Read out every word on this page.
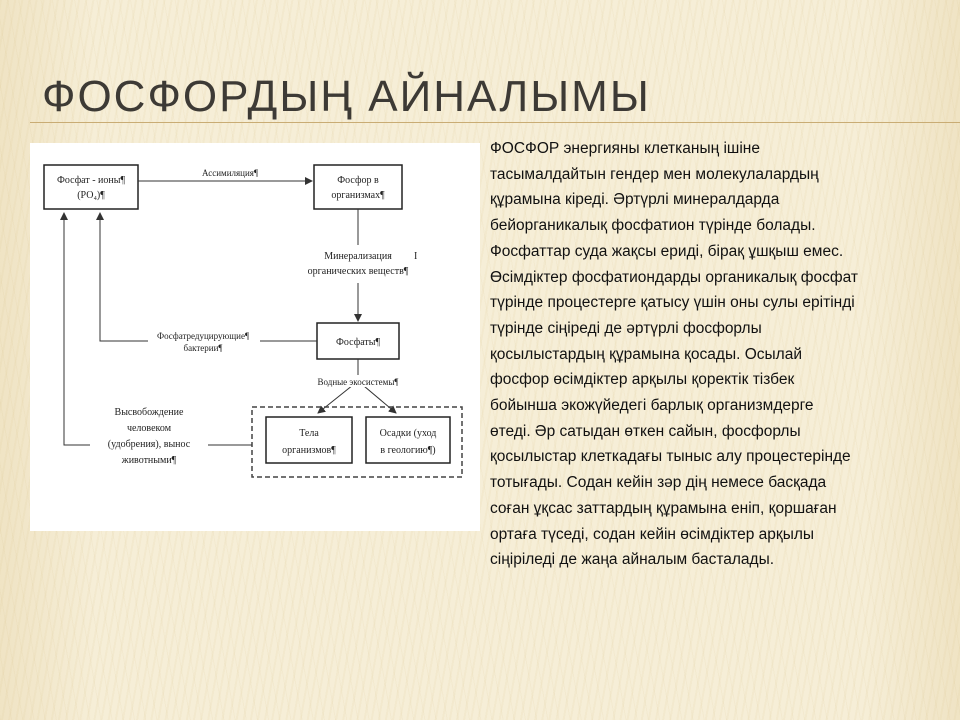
ФОСФОРДЫҢ АЙНАЛЫМЫ
Фосфат - ионы¶
(РО₄)¶
Фосфор в
организмах¶
Ассимиляция¶
Минерализация
органических веществ¶
Ι
Фосфаты¶
Фосфатредуцирующие¶
бактерии¶
Водные экосистемы¶
Тела
организмов¶
Осадки (уход
в геологию¶)
Высвобождение
человеком
(удобрения), вынос
животными¶
ФОСФОР энергияны клетканың ішіне
тасымалдайтын гендер мен молекулалардың
құрамына кіреді. Әртүрлі минералдарда
бейорганикалық фосфатион түрінде болады.
Фосфаттар суда жақсы ериді, бірақ ұшқыш емес.
Өсімдіктер фосфатиондарды органикалық фосфат
түрінде процестерге қатысу үшін оны сулы ерітінді
түрінде сіңіреді де әртүрлі фосфорлы
қосылыстардың құрамына қосады. Осылай
фосфор өсімдіктер арқылы қоректік тізбек
бойынша экожүйедегі барлық организмдерге
өтеді. Әр сатыдан өткен сайын, фосфорлы
қосылыстар клеткадағы тыныс алу процестерінде
тотығады. Содан кейін зәр дің немесе басқада
соған ұқсас заттардың құрамына еніп, қоршаған
ортаға түседі, содан кейін өсімдіктер арқылы
сіңіріледі де жаңа айналым басталады.
